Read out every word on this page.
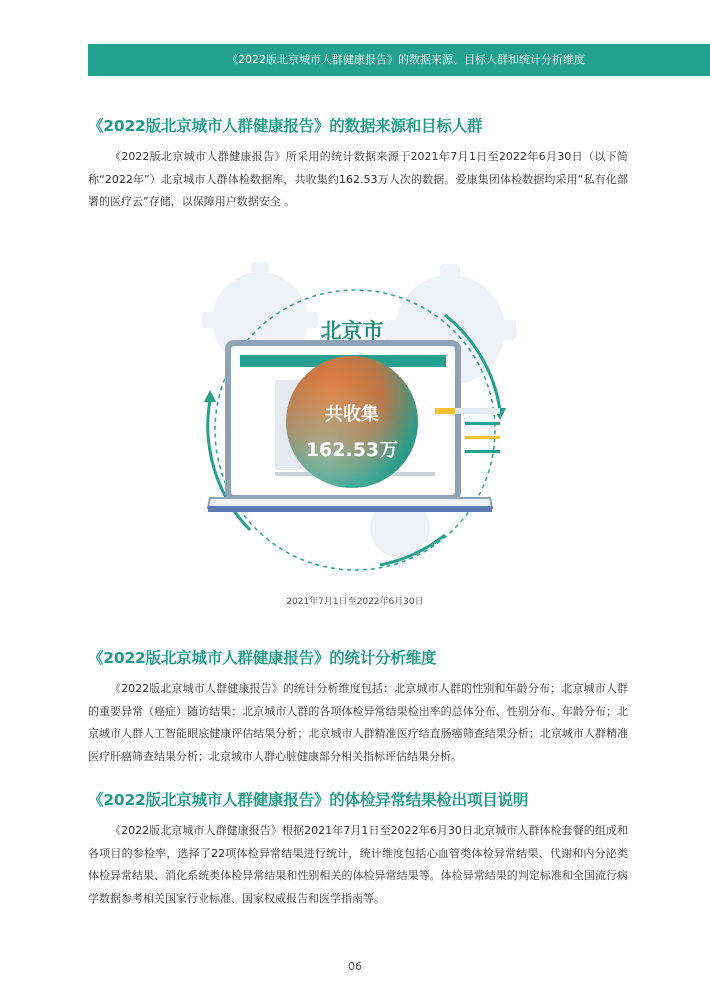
《2022版北京城市人群健康报告》的数据来源、目标人群和统计分析维度
《2022版北京城市人群健康报告》的数据来源和目标人群

《2022版北京城市人群健康报告》所采用的统计数据来源于2021年7月1日至2022年6月30日（以下简称“2022年”）北京城市人群体检数据库，共收集约162.53万人次的数据。爱康集团体检数据均采用“私有化部署的医疗云”存储，以保障用户数据安全 。

北京市
共收集
162.53万
2021年7月1日至2022年6月30日
《2022版北京城市人群健康报告》的统计分析维度

《2022版北京城市人群健康报告》的统计分析维度包括：北京城市人群的性别和年龄分布；北京城市人群的重要异常（癌症）随访结果；北京城市人群的各项体检异常结果检出率的总体分布、性别分布、年龄分布；北京城市人群人工智能眼底健康评估结果分析；北京城市人群精准医疗结直肠癌筛查结果分析；北京城市人群精准医疗肝癌筛查结果分析；北京城市人群心脏健康部分相关指标评估结果分析。

《2022版北京城市人群健康报告》的体检异常结果检出项目说明

《2022版北京城市人群健康报告》根据2021年7月1日至2022年6月30日北京城市人群体检套餐的组成和各项目的参检率，选择了22项体检异常结果进行统计，统计维度包括心血管类体检异常结果、代谢和内分泌类体检异常结果、消化系统类体检异常结果和性别相关的体检异常结果等。体检异常结果的判定标准和全国流行病学数据参考相关国家行业标准、国家权威报告和医学指南等。

06
